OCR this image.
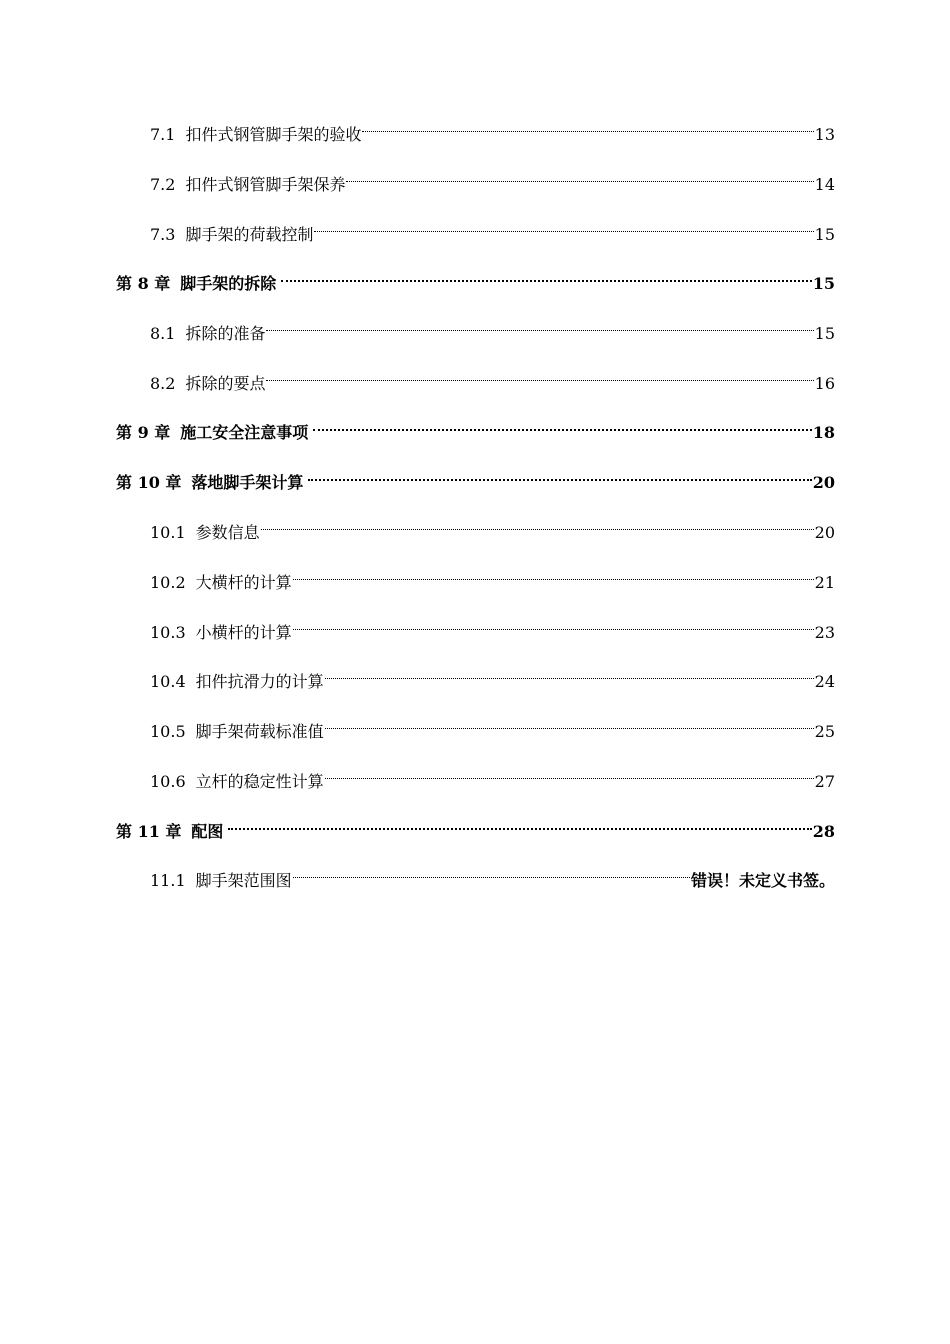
7.1 扣件式钢管脚手架的验收	13
7.2 扣件式钢管脚手架保养	14
7.3 脚手架的荷载控制	15
第 8 章 脚手架的拆除	15
8.1 拆除的准备	15
8.2 拆除的要点	16
第 9 章 施工安全注意事项	18
第 10 章 落地脚手架计算	20
10.1 参数信息	20
10.2 大横杆的计算	21
10.3 小横杆的计算	23
10.4 扣件抗滑力的计算	24
10.5 脚手架荷载标准值	25
10.6 立杆的稳定性计算	27
第 11 章 配图	28
11.1 脚手架范围图	错误！未定义书签。
